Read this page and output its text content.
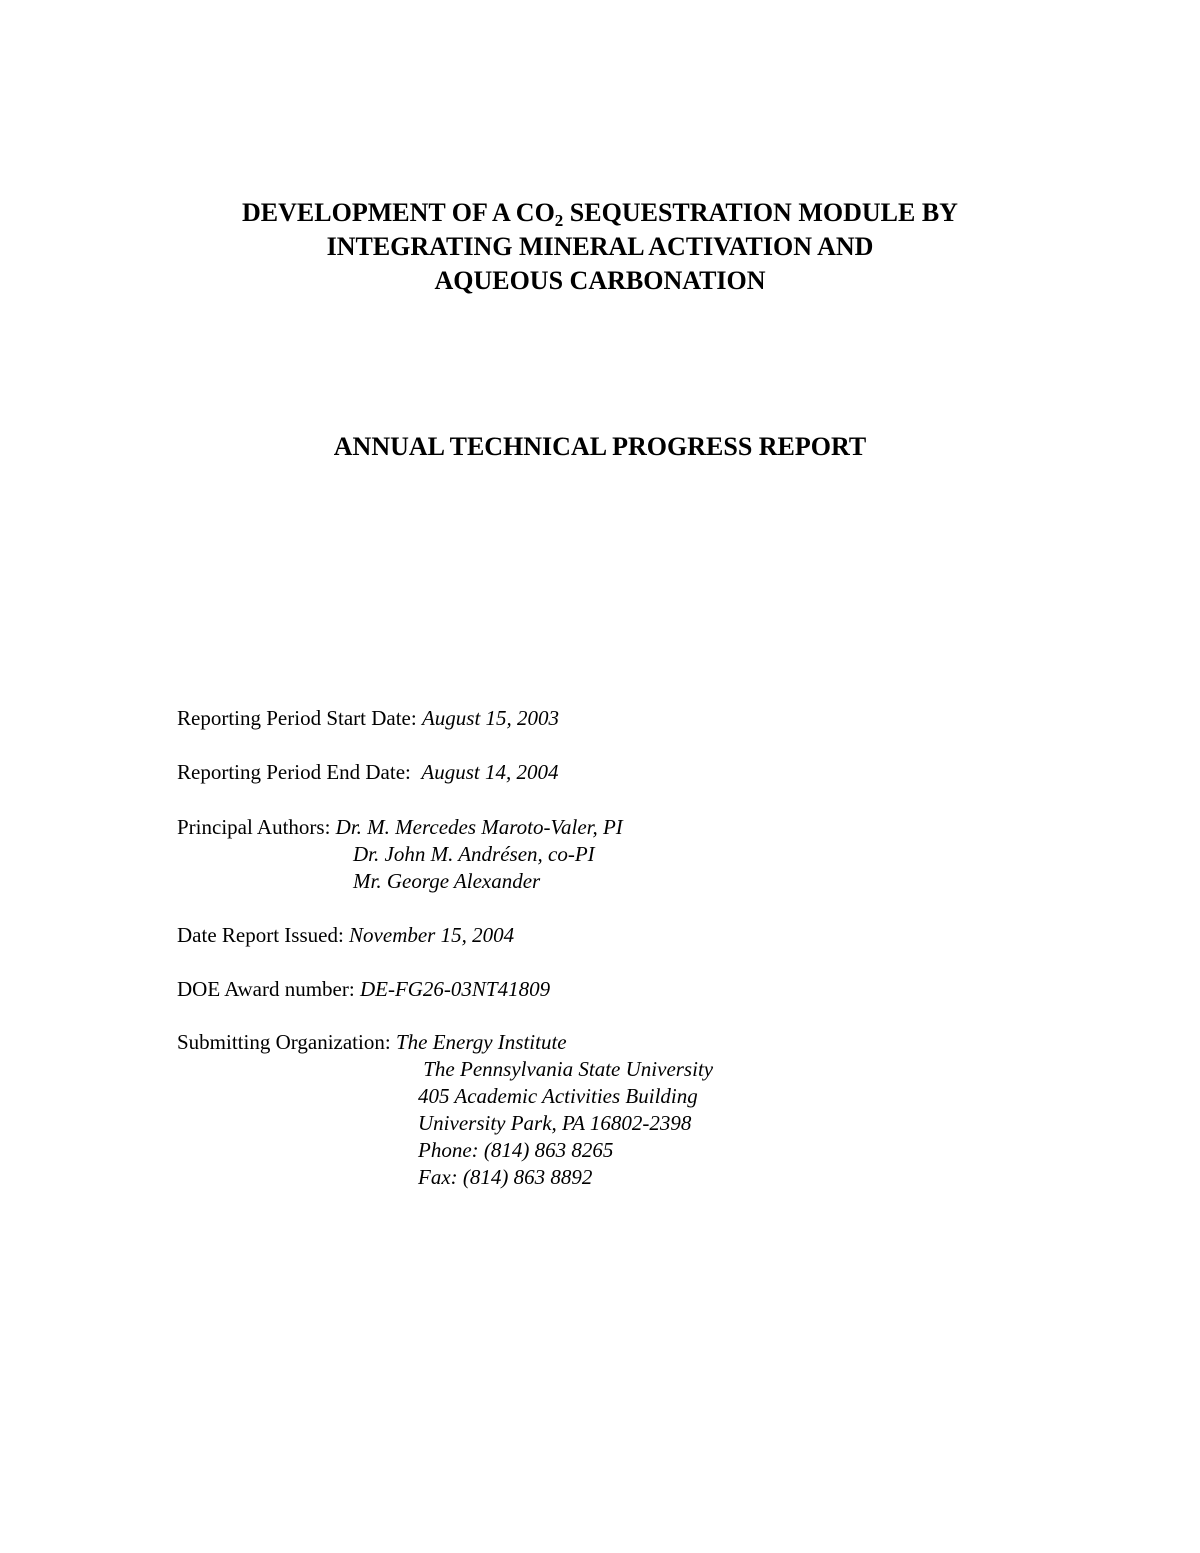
DEVELOPMENT OF A $CO_2$ SEQUESTRATION MODULE BY
INTEGRATING MINERAL ACTIVATION AND
AQUEOUS CARBONATION
ANNUAL TECHNICAL PROGRESS REPORT
Reporting Period Start Date: August 15, 2003
Reporting Period End Date:  August 14, 2004
Principal Authors: Dr. M. Mercedes Maroto-Valer, PI
Dr. John M. Andrésen, co-PI
Mr. George Alexander
Date Report Issued: November 15, 2004
DOE Award number: DE-FG26-03NT41809
Submitting Organization: The Energy Institute
The Pennsylvania State University
405 Academic Activities Building
University Park, PA 16802-2398
Phone: (814) 863 8265
Fax: (814) 863 8892
